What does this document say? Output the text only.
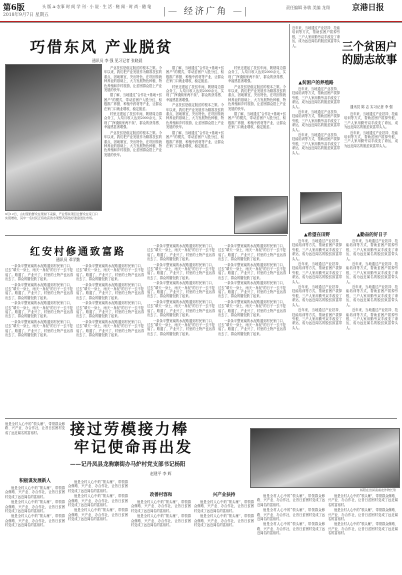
第6版
2018年9月7日 星期五
头 版 A·农事 时 间 学 刊 · 小 说 · 生 活 · 秘 闻 · 时 尚 · 随 笔
|— 经济广角 —|	责任编辑 孙敏 美编 龙翔	京港日报
巧借东风 产业脱贫
通讯员 李 强 见习记者 张晓晨
9月12日，山村里的群众在果树下采摘，产业帮扶项目让群众在家门口实现增收，其中一名村民正将收获的水果整齐码放好准备送往市场。

产业扶贫是稳定脱贫的根本之策。今年以来，我们把产业发展作为精准扶贫的重点，因地制宜，突出特色，在巩固传统种养业的基础上，大力发展特色种植、特色养殖和乡村旅游，让贫困群众搭上产业发展的快车。

据了解，当地通过“合作社+基地+贫困户”的模式，带动贫困户入股分红，积极推广养猪、种植中药材等产业，让群众在家门口就业增收，稳定脱贫。

村里还建起了扶贫车间，吸纳周边群众务工，人均月收入达到2000余元，实现了“挣钱顾家两不误”，群众的获得感、幸福感显著增强。

产业扶贫是稳定脱贫的根本之策。今年以来，我们把产业发展作为精准扶贫的重点，因地制宜，突出特色，在巩固传统种养业的基础上，大力发展特色种植、特色养殖和乡村旅游，让贫困群众搭上产业发展的快车。

据了解，当地通过“合作社+基地+贫困户”的模式，带动贫困户入股分红，积极推广养猪、种植中药材等产业，让群众在家门口就业增收，稳定脱贫。

村里还建起了扶贫车间，吸纳周边群众务工，人均月收入达到2000余元，实现了“挣钱顾家两不误”，群众的获得感、幸福感显著增强。

产业扶贫是稳定脱贫的根本之策。今年以来，我们把产业发展作为精准扶贫的重点，因地制宜，突出特色，在巩固传统种养业的基础上，大力发展特色种植、特色养殖和乡村旅游，让贫困群众搭上产业发展的快车。

据了解，当地通过“合作社+基地+贫困户”的模式，带动贫困户入股分红，积极推广养猪、种植中药材等产业，让群众在家门口就业增收，稳定脱贫。

村里还建起了扶贫车间，吸纳周边群众务工，人均月收入达到2000余元，实现了“挣钱顾家两不误”，群众的获得感、幸福感显著增强。

产业扶贫是稳定脱贫的根本之策。今年以来，我们把产业发展作为精准扶贫的重点，因地制宜，突出特色，在巩固传统种养业的基础上，大力发展特色种植、特色养殖和乡村旅游，让贫困群众搭上产业发展的快车。

据了解，当地通过“合作社+基地+贫困户”的模式，带动贫困户入股分红，积极推广养猪、种植中药材等产业，让群众在家门口就业增收，稳定脱贫。

近年来，当地通过产业扶持、技能培训等方式，帮助贫困户拔掉穷根，三户人家用勤劳双手改变了命运，成为远近闻名的脱贫致富带头人。	三个贫困户的励志故事
▲贫困户的养殖路

近年来，当地通过产业扶持、技能培训等方式，帮助贫困户拔掉穷根，三户人家用勤劳双手改变了命运，成为远近闻名的脱贫致富带头人。

近年来，当地通过产业扶持、技能培训等方式，帮助贫困户拔掉穷根，三户人家用勤劳双手改变了命运，成为远近闻名的脱贫致富带头人。

近年来，当地通过产业扶持、技能培训等方式，帮助贫困户拔掉穷根，三户人家用勤劳双手改变了命运，成为远近闻名的脱贫致富带头人。

通讯员 陈 志 实习记者 李 强

近年来，当地通过产业扶持、技能培训等方式，帮助贫困户拔掉穷根，三户人家用勤劳双手改变了命运，成为远近闻名的脱贫致富带头人。

近年来，当地通过产业扶持、技能培训等方式，帮助贫困户拔掉穷根，三户人家用勤劳双手改变了命运，成为远近闻名的脱贫致富带头人。

▲希望在田野	▲勤奋的好日子

近年来，当地通过产业扶持、技能培训等方式，帮助贫困户拔掉穷根，三户人家用勤劳双手改变了命运，成为远近闻名的脱贫致富带头人。

近年来，当地通过产业扶持、技能培训等方式，帮助贫困户拔掉穷根，三户人家用勤劳双手改变了命运，成为远近闻名的脱贫致富带头人。

近年来，当地通过产业扶持、技能培训等方式，帮助贫困户拔掉穷根，三户人家用勤劳双手改变了命运，成为远近闻名的脱贫致富带头人。

近年来，当地通过产业扶持、技能培训等方式，帮助贫困户拔掉穷根，三户人家用勤劳双手改变了命运，成为远近闻名的脱贫致富带头人。

近年来，当地通过产业扶持、技能培训等方式，帮助贫困户拔掉穷根，三户人家用勤劳双手改变了命运，成为远近闻名的脱贫致富带头人。

近年来，当地通过产业扶持、技能培训等方式，帮助贫困户拔掉穷根，三户人家用勤劳双手改变了命运，成为远近闻名的脱贫致富带头人。

近年来，当地通过产业扶持、技能培训等方式，帮助贫困户拔掉穷根，三户人家用勤劳双手改变了命运，成为远近闻名的脱贫致富带头人。

近年来，当地通过产业扶持、技能培训等方式，帮助贫困户拔掉穷根，三户人家用勤劳双手改变了命运，成为远近闻名的脱贫致富带头人。

红安村修通致富路
通讯员 邓学勤

一条条平整宽阔的水泥路通到村民家门口，过去“晴天一身土，雨天一身泥”的日子一去不复返了。路通了，产业兴了，村里的土特产也运得出去了，群众的腰包鼓了起来。

一条条平整宽阔的水泥路通到村民家门口，过去“晴天一身土，雨天一身泥”的日子一去不复返了。路通了，产业兴了，村里的土特产也运得出去了，群众的腰包鼓了起来。

一条条平整宽阔的水泥路通到村民家门口，过去“晴天一身土，雨天一身泥”的日子一去不复返了。路通了，产业兴了，村里的土特产也运得出去了，群众的腰包鼓了起来。

一条条平整宽阔的水泥路通到村民家门口，过去“晴天一身土，雨天一身泥”的日子一去不复返了。路通了，产业兴了，村里的土特产也运得出去了，群众的腰包鼓了起来。

一条条平整宽阔的水泥路通到村民家门口，过去“晴天一身土，雨天一身泥”的日子一去不复返了。路通了，产业兴了，村里的土特产也运得出去了，群众的腰包鼓了起来。

一条条平整宽阔的水泥路通到村民家门口，过去“晴天一身土，雨天一身泥”的日子一去不复返了。路通了，产业兴了，村里的土特产也运得出去了，群众的腰包鼓了起来。

一条条平整宽阔的水泥路通到村民家门口，过去“晴天一身土，雨天一身泥”的日子一去不复返了。路通了，产业兴了，村里的土特产也运得出去了，群众的腰包鼓了起来。

一条条平整宽阔的水泥路通到村民家门口，过去“晴天一身土，雨天一身泥”的日子一去不复返了。路通了，产业兴了，村里的土特产也运得出去了，群众的腰包鼓了起来。

一条条平整宽阔的水泥路通到村民家门口，过去“晴天一身土，雨天一身泥”的日子一去不复返了。路通了，产业兴了，村里的土特产也运得出去了，群众的腰包鼓了起来。

一条条平整宽阔的水泥路通到村民家门口，过去“晴天一身土，雨天一身泥”的日子一去不复返了。路通了，产业兴了，村里的土特产也运得出去了，群众的腰包鼓了起来。

一条条平整宽阔的水泥路通到村民家门口，过去“晴天一身土，雨天一身泥”的日子一去不复返了。路通了，产业兴了，村里的土特产也运得出去了，群众的腰包鼓了起来。

一条条平整宽阔的水泥路通到村民家门口，过去“晴天一身土，雨天一身泥”的日子一去不复返了。路通了，产业兴了，村里的土特产也运得出去了，群众的腰包鼓了起来。

一条条平整宽阔的水泥路通到村民家门口，过去“晴天一身土，雨天一身泥”的日子一去不复返了。路通了，产业兴了，村里的土特产也运得出去了，群众的腰包鼓了起来。

一条条平整宽阔的水泥路通到村民家门口，过去“晴天一身土，雨天一身泥”的日子一去不复返了。路通了，产业兴了，村里的土特产也运得出去了，群众的腰包鼓了起来。

一条条平整宽阔的水泥路通到村民家门口，过去“晴天一身土，雨天一身泥”的日子一去不复返了。路通了，产业兴了，村里的土特产也运得出去了，群众的腰包鼓了起来。

一条条平整宽阔的水泥路通到村民家门口，过去“晴天一身土，雨天一身泥”的日子一去不复返了。路通了，产业兴了，村里的土特产也运得出去了，群众的腰包鼓了起来。

一条条平整宽阔的水泥路通到村民家门口，过去“晴天一身土，雨天一身泥”的日子一去不复返了。路通了，产业兴了，村里的土特产也运得出去了，群众的腰包鼓了起来。

一条条平整宽阔的水泥路通到村民家门口，过去“晴天一身土，雨天一身泥”的日子一去不复返了。路通了，产业兴了，村里的土特产也运得出去了，群众的腰包鼓了起来。

他是全村人心中的“领头雁”，带领群众修路、兴产业、办合作社，让昔日贫困村变成了远近闻名的富裕村。	接过劳模接力棒
牢记使命再出发
——记丹凤县龙驹寨街办马炉村党支部书记杨阳
赵建平 李 辉
杨阳在田间查看农作物长势
积极谋发展新人

他是全村人心中的“领头雁”，带领群众修路、兴产业、办合作社，让昔日贫困村变成了远近闻名的富裕村。

他是全村人心中的“领头雁”，带领群众修路、兴产业、办合作社，让昔日贫困村变成了远近闻名的富裕村。

他是全村人心中的“领头雁”，带领群众修路、兴产业、办合作社，让昔日贫困村变成了远近闻名的富裕村。

他是全村人心中的“领头雁”，带领群众修路、兴产业、办合作社，让昔日贫困村变成了远近闻名的富裕村。

他是全村人心中的“领头雁”，带领群众修路、兴产业、办合作社，让昔日贫困村变成了远近闻名的富裕村。

他是全村人心中的“领头雁”，带领群众修路、兴产业、办合作社，让昔日贫困村变成了远近闻名的富裕村。

改善村容和

他是全村人心中的“领头雁”，带领群众修路、兴产业、办合作社，让昔日贫困村变成了远近闻名的富裕村。

他是全村人心中的“领头雁”，带领群众修路、兴产业、办合作社，让昔日贫困村变成了远近闻名的富裕村。

兴产业扶持

他是全村人心中的“领头雁”，带领群众修路、兴产业、办合作社，让昔日贫困村变成了远近闻名的富裕村。

他是全村人心中的“领头雁”，带领群众修路、兴产业、办合作社，让昔日贫困村变成了远近闻名的富裕村。

他是全村人心中的“领头雁”，带领群众修路、兴产业、办合作社，让昔日贫困村变成了远近闻名的富裕村。

他是全村人心中的“领头雁”，带领群众修路、兴产业、办合作社，让昔日贫困村变成了远近闻名的富裕村。

他是全村人心中的“领头雁”，带领群众修路、兴产业、办合作社，让昔日贫困村变成了远近闻名的富裕村。

他是全村人心中的“领头雁”，带领群众修路、兴产业、办合作社，让昔日贫困村变成了远近闻名的富裕村。

他是全村人心中的“领头雁”，带领群众修路、兴产业、办合作社，让昔日贫困村变成了远近闻名的富裕村。

他是全村人心中的“领头雁”，带领群众修路、兴产业、办合作社，让昔日贫困村变成了远近闻名的富裕村。
